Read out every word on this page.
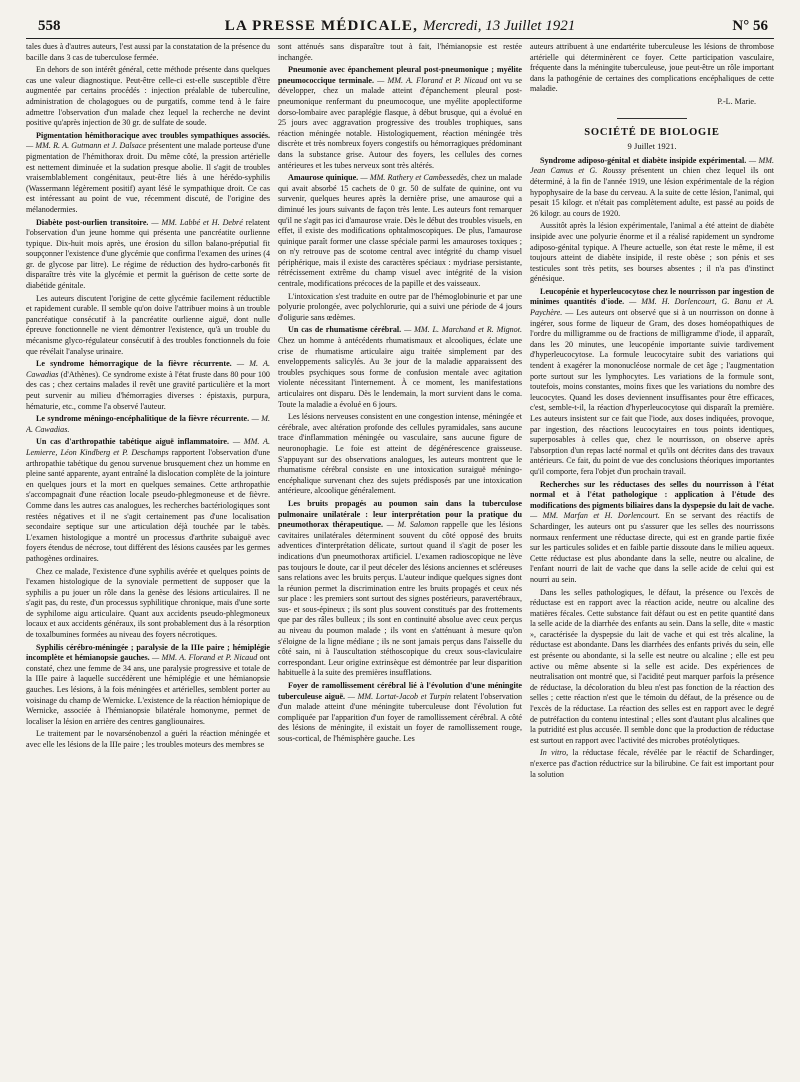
558	LA PRESSE MÉDICALE, Mercredi, 13 Juillet 1921	N° 56

tales dues à d'autres auteurs, l'est aussi par la constatation de la présence du bacille dans 3 cas de tuberculose fermée.

En dehors de son intérêt général, cette méthode présente dans quelques cas une valeur diagnostique. Peut-être celle-ci est-elle susceptible d'être augmentée par certains procédés : injection préalable de tuberculine, administration de cholagogues ou de purgatifs, comme tend à le faire admettre l'observation d'un malade chez lequel la recherche ne devint positive qu'après injection de 30 gr. de sulfate de soude.

Pigmentation hémithoracique avec troubles sympathiques associés. — MM. R. A. Gutmann et J. Dalsace présentent une malade porteuse d'une pigmentation de l'hémithorax droit. Du même côté, la pression artérielle est nettement diminuée et la sudation presque abolie. Il s'agit de troubles vraisemblablement congénitaux, peut-être liés à une hérédo-syphilis (Wassermann légèrement positif) ayant lésé le sympathique droit. Ce cas est intéressant au point de vue, récemment discuté, de l'origine des mélanodermies.

Diabète post-ourlien transitoire. — MM. Labbé et H. Debré relatent l'observation d'un jeune homme qui présenta une pancréatite ourlienne typique. Dix-huit mois après, une érosion du sillon balano-préputial fit soupçonner l'existence d'une glycémie que confirma l'examen des urines (4 gr. de glycose par litre). Le régime de réduction des hydro-carbonés fit disparaître très vite la glycémie et permit la guérison de cette sorte de diabétide génitale.

Les auteurs discutent l'origine de cette glycémie facilement réductible et rapidement curable. Il semble qu'on doive l'attribuer moins à un trouble pancréatique consécutif à la pancréatite ourlienne aiguë, dont nulle épreuve fonctionnelle ne vient démontrer l'existence, qu'à un trouble du mécanisme glyco-régulateur consécutif à des troubles fonctionnels du foie que révélait l'analyse urinaire.

Le syndrome hémorragique de la fièvre récurrente. — M. A. Cawadias (d'Athènes). Ce syndrome existe à l'état fruste dans 80 pour 100 des cas ; chez certains malades il revêt une gravité particulière et la mort peut survenir au milieu d'hémorragies diverses : épistaxis, purpura, hématurie, etc., comme l'a observé l'auteur.

Le syndrome méningo-encéphalitique de la fièvre récurrente. — M. A. Cawadias.

Un cas d'arthropathie tabétique aiguë inflammatoire. — MM. A. Lemierre, Léon Kindberg et P. Deschamps rapportent l'observation d'une arthropathie tabétique du genou survenue brusquement chez un homme en pleine santé apparente, ayant entraîné la dislocation complète de la jointure en quelques jours et la mort en quelques semaines. Cette arthropathie s'accompagnait d'une réaction locale pseudo-phlegmoneuse et de fièvre. Comme dans les autres cas analogues, les recherches bactériologiques sont restées négatives et il ne s'agit certainement pas d'une localisation secondaire septique sur une articulation déjà touchée par le tabès. L'examen histologique a montré un processus d'arthrite subaiguë avec foyers étendus de nécrose, tout différent des lésions causées par les germes pathogènes ordinaires.

Chez ce malade, l'existence d'une syphilis avérée et quelques points de l'examen histologique de la synoviale permettent de supposer que la syphilis a pu jouer un rôle dans la genèse des lésions articulaires. Il ne s'agit pas, du reste, d'un processus syphilitique chronique, mais d'une sorte de syphilome aigu articulaire. Quant aux accidents pseudo-phlegmoneux locaux et aux accidents généraux, ils sont probablement dus à la résorption de toxalbumines formées au niveau des foyers nécrotiques.

Syphilis cérébro-méningée ; paralysie de la IIIe paire ; hémiplégie incomplète et hémianopsie gauches. — MM. A. Florand et P. Nicaud ont constaté, chez une femme de 34 ans, une paralysie progressive et totale de la IIIe paire à laquelle succédèrent une hémiplégie et une hémianopsie gauches. Les lésions, à la fois méningées et artérielles, semblent porter au voisinage du champ de Wernicke. L'existence de la réaction hémiopique de Wernicke, associée à l'hémianopsie bilatérale homonyme, permet de localiser la lésion en arrière des centres gangliounaires.

Le traitement par le novarsénobenzol a guéri la réaction méningée et avec elle les lésions de la IIIe paire ; les troubles moteurs des membres se

sont atténués sans disparaître tout à fait, l'hémianopsie est restée inchangée.

Pneumonie avec épanchement pleural post-pneumonique ; myélite pneumococcique terminale. — MM. A. Florand et P. Nicaud ont vu se développer, chez un malade atteint d'épanchement pleural post-pneumonique renfermant du pneumocoque, une myélite apoplectiforme dorso-lombaire avec paraplégie flasque, à début brusque, qui a évolué en 25 jours avec aggravation progressive des troubles trophiques, sans réaction méningée notable. Histologiquement, réaction méningée très discrète et très nombreux foyers congestifs ou hémorragiques prédominant dans la substance grise. Autour des foyers, les cellules des cornes antérieures et les tubes nerveux sont très altérés.

Amaurose quinique. — MM. Rathery et Cambessedès, chez un malade qui avait absorbé 15 cachets de 0 gr. 50 de sulfate de quinine, ont vu survenir, quelques heures après la dernière prise, une amaurose qui a diminué les jours suivants de façon très lente. Les auteurs font remarquer qu'il ne s'agit pas ici d'amaurose vraie. Dès le début des troubles visuels, en effet, il existe des modifications ophtalmoscopiques. De plus, l'amaurose quinique paraît former une classe spéciale parmi les amauroses toxiques ; on n'y retrouve pas de scotome central avec intégrité du champ visuel périphérique, mais il existe des caractères spéciaux : mydriase persistante, rétrécissement extrême du champ visuel avec intégrité de la vision centrale, modifications précoces de la papille et des vaisseaux.

L'intoxication s'est traduite en outre par de l'hémoglobinurie et par une polyurie prolongée, avec polychlorurie, qui a suivi une période de 4 jours d'oligurie sans œdèmes.

Un cas de rhumatisme cérébral. — MM. L. Marchand et R. Mignot. Chez un homme à antécédents rhumatismaux et alcooliques, éclate une crise de rhumatisme articulaire aigu traitée simplement par des enveloppements salicylés. Au 3e jour de la maladie apparaissent des troubles psychiques sous forme de confusion mentale avec agitation violente nécessitant l'internement. À ce moment, les manifestations articulaires ont disparu. Dès le lendemain, la mort survient dans le coma. Toute la maladie a évolué en 6 jours.

Les lésions nerveuses consistent en une congestion intense, méningée et cérébrale, avec altération profonde des cellules pyramidales, sans aucune trace d'inflammation méningée ou vasculaire, sans aucune figure de neuronophagie. Le foie est atteint de dégénérescence graisseuse. S'appuyant sur des observations analogues, les auteurs montrent que le rhumatisme cérébral consiste en une intoxication suraiguë méningo-encéphalique survenant chez des sujets prédisposés par une intoxication antérieure, alcoolique généralement.

Les bruits propagés au poumon sain dans la tuberculose pulmonaire unilatérale : leur interprétation pour la pratique du pneumothorax thérapeutique. — M. Salomon rappelle que les lésions cavitaires unilatérales déterminent souvent du côté opposé des bruits adventices d'interprétation délicate, surtout quand il s'agit de poser les indications d'un pneumothorax artificiel. L'examen radioscopique ne lève pas toujours le doute, car il peut déceler des lésions anciennes et scléreuses sans relations avec les bruits perçus. L'auteur indique quelques signes dont la réunion permet la discrimination entre les bruits propagés et ceux nés sur place : les premiers sont surtout des signes postérieurs, paravertébraux, sus- et sous-épineux ; ils sont plus souvent constitués par des frottements que par des râles bulleux ; ils sont en continuité absolue avec ceux perçus au niveau du poumon malade ; ils vont en s'atténuant à mesure qu'on s'éloigne de la ligne médiane ; ils ne sont jamais perçus dans l'aisselle du côté sain, ni à l'auscultation stéthoscopique du creux sous-claviculaire correspondant. Leur origine extrinsèque est démontrée par leur disparition habituelle à la suite des premières insufflations.

Foyer de ramollissement cérébral lié à l'évolution d'une méningite tuberculeuse aiguë. — MM. Lortat-Jacob et Turpin relatent l'observation d'un malade atteint d'une méningite tuberculeuse dont l'évolution fut compliquée par l'apparition d'un foyer de ramollissement cérébral. A côté des lésions de méningite, il existait un foyer de ramollissement rouge, sous-cortical, de l'hémisphère gauche. Les

auteurs attribuent à une endartérite tuberculeuse les lésions de thrombose artérielle qui déterminèrent ce foyer. Cette participation vasculaire, fréquente dans la méningite tuberculeuse, joue peut-être un rôle important dans la pathogénie de certaines des complications encéphaliques de cette maladie.

P.-L. Marie.

SOCIÉTÉ DE BIOLOGIE
9 Juillet 1921.

Syndrome adiposo-génital et diabète insipide expérimental. — MM. Jean Camus et G. Roussy présentent un chien chez lequel ils ont déterminé, à la fin de l'année 1919, une lésion expérimentale de la région hypophysaire de la base du cerveau. A la suite de cette lésion, l'animal, qui pesait 15 kilogr. et n'était pas complètement adulte, est passé au poids de 26 kilogr. au cours de 1920.

Aussitôt après la lésion expérimentale, l'animal a été atteint de diabète insipide avec une polyurie énorme et il a réalisé rapidement un syndrome adiposo-génital typique. A l'heure actuelle, son état reste le même, il est toujours atteint de diabète insipide, il reste obèse ; son pénis et ses testicules sont très petits, ses bourses absentes ; il n'a pas d'instinct génésique.

Leucopénie et hyperleucocytose chez le nourrisson par ingestion de minimes quantités d'iode. — MM. H. Dorlencourt, G. Banu et A. Paychère. — Les auteurs ont observé que si à un nourrisson on donne à ingérer, sous forme de liqueur de Gram, des doses homéopathiques de l'ordre du milligramme ou de fractions de milligramme d'iode, il apparaît, dans les 20 minutes, une leucopénie importante suivie tardivement d'hyperleucocytose. La formule leucocytaire subit des variations qui tendent à exagérer la mononucléose normale de cet âge ; l'augmentation porte surtout sur les lymphocytes. Les variations de la formule sont, toutefois, moins constantes, moins fixes que les variations du nombre des leucocytes. Quand les doses deviennent insuffisantes pour être efficaces, c'est, semble-t-il, la réaction d'hyperleucocytose qui disparaît la première. Les auteurs insistent sur ce fait que l'iode, aux doses indiquées, provoque, par ingestion, des réactions leucocytaires en tous points identiques, superposables à celles que, chez le nourrisson, on observe après l'absorption d'un repas lacté normal et qu'ils ont décrites dans des travaux antérieurs. Ce fait, du point de vue des conclusions théoriques importantes qu'il comporte, fera l'objet d'un prochain travail.

Recherches sur les réductases des selles du nourrisson à l'état normal et à l'état pathologique : application à l'étude des modifications des pigments biliaires dans la dyspepsie du lait de vache. — MM. Marfan et H. Dorlencourt. En se servant des réactifs de Schardinger, les auteurs ont pu s'assurer que les selles des nourrissons normaux renferment une réductase directe, qui est en grande partie fixée sur les particules solides et en faible partie dissoute dans le milieu aqueux. Cette réductase est plus abondante dans la selle, neutre ou alcaline, de l'enfant nourri de lait de vache que dans la selle acide de celui qui est nourri au sein.

Dans les selles pathologiques, le défaut, la présence ou l'excès de réductase est en rapport avec la réaction acide, neutre ou alcaline des matières fécales. Cette substance fait défaut ou est en petite quantité dans la selle acide de la diarrhée des enfants au sein. Dans la selle, dite « mastic », caractérisée la dyspepsie du lait de vache et qui est très alcaline, la réductase est abondante. Dans les diarrhées des enfants privés du sein, elle est présente ou abondante, si la selle est neutre ou alcaline ; elle est peu active ou même absente si la selle est acide. Des expériences de neutralisation ont montré que, si l'acidité peut marquer parfois la présence de réductase, la décoloration du bleu n'est pas fonction de la réaction des selles ; cette réaction n'est que le témoin du défaut, de la présence ou de l'excès de la réductase. La réaction des selles est en rapport avec le degré de putréfaction du contenu intestinal ; elles sont d'autant plus alcalines que la putridité est plus accusée. Il semble donc que la production de réductase est surtout en rapport avec l'activité des microbes protéolytiques.

In vitro, la réductase fécale, révélée par le réactif de Schardinger, n'exerce pas d'action réductrice sur la bilirubine. Ce fait est important pour la solution
